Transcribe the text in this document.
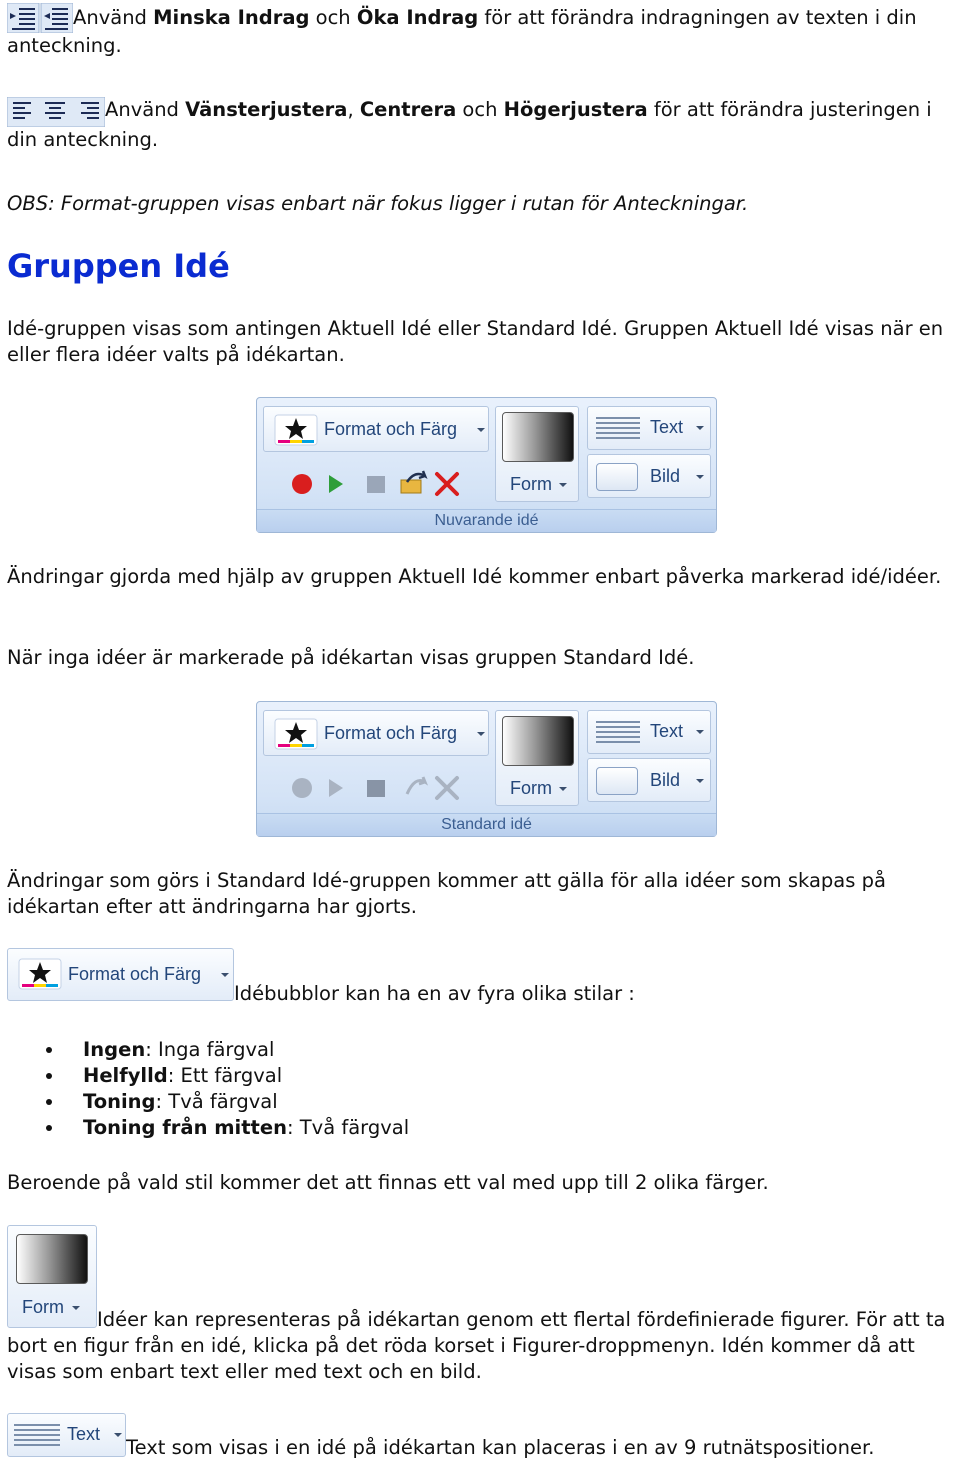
Använd Minska Indrag och Öka Indrag för att förändra indragningen av texten i din anteckning.
Använd Vänsterjustera, Centrera och Högerjustera för att förändra justeringen i din anteckning.
OBS: Format-gruppen visas enbart när fokus ligger i rutan för Anteckningar.
Gruppen Idé
Idé-gruppen visas som antingen Aktuell Idé eller Standard Idé. Gruppen Aktuell Idé visas när en eller flera idéer valts på idékartan.
Format och Färg
Form
Text
Bild
Nuvarande idé
Ändringar gjorda med hjälp av gruppen Aktuell Idé kommer enbart påverka markerad idé/idéer.
När inga idéer är markerade på idékartan visas gruppen Standard Idé.
Format och Färg
Form
Text
Bild
Standard idé
Ändringar som görs i Standard Idé-gruppen kommer att gälla för alla idéer som skapas på idékartan efter att ändringarna har gjorts.
Format och Färg
Idébubblor kan ha en av fyra olika stilar :
Ingen: Inga färgval
Helfylld: Ett färgval
Toning: Två färgval
Toning från mitten: Två färgval
Beroende på vald stil kommer det att finnas ett val med upp till 2 olika färger.
Form
Idéer kan representeras på idékartan genom ett flertal fördefinierade figurer. För att ta bort en figur från en idé, klicka på det röda korset i Figurer-droppmenyn. Idén kommer då att visas som enbart text eller med text och en bild.
Text
Text som visas i en idé på idékartan kan placeras i en av 9 rutnätspositioner.
